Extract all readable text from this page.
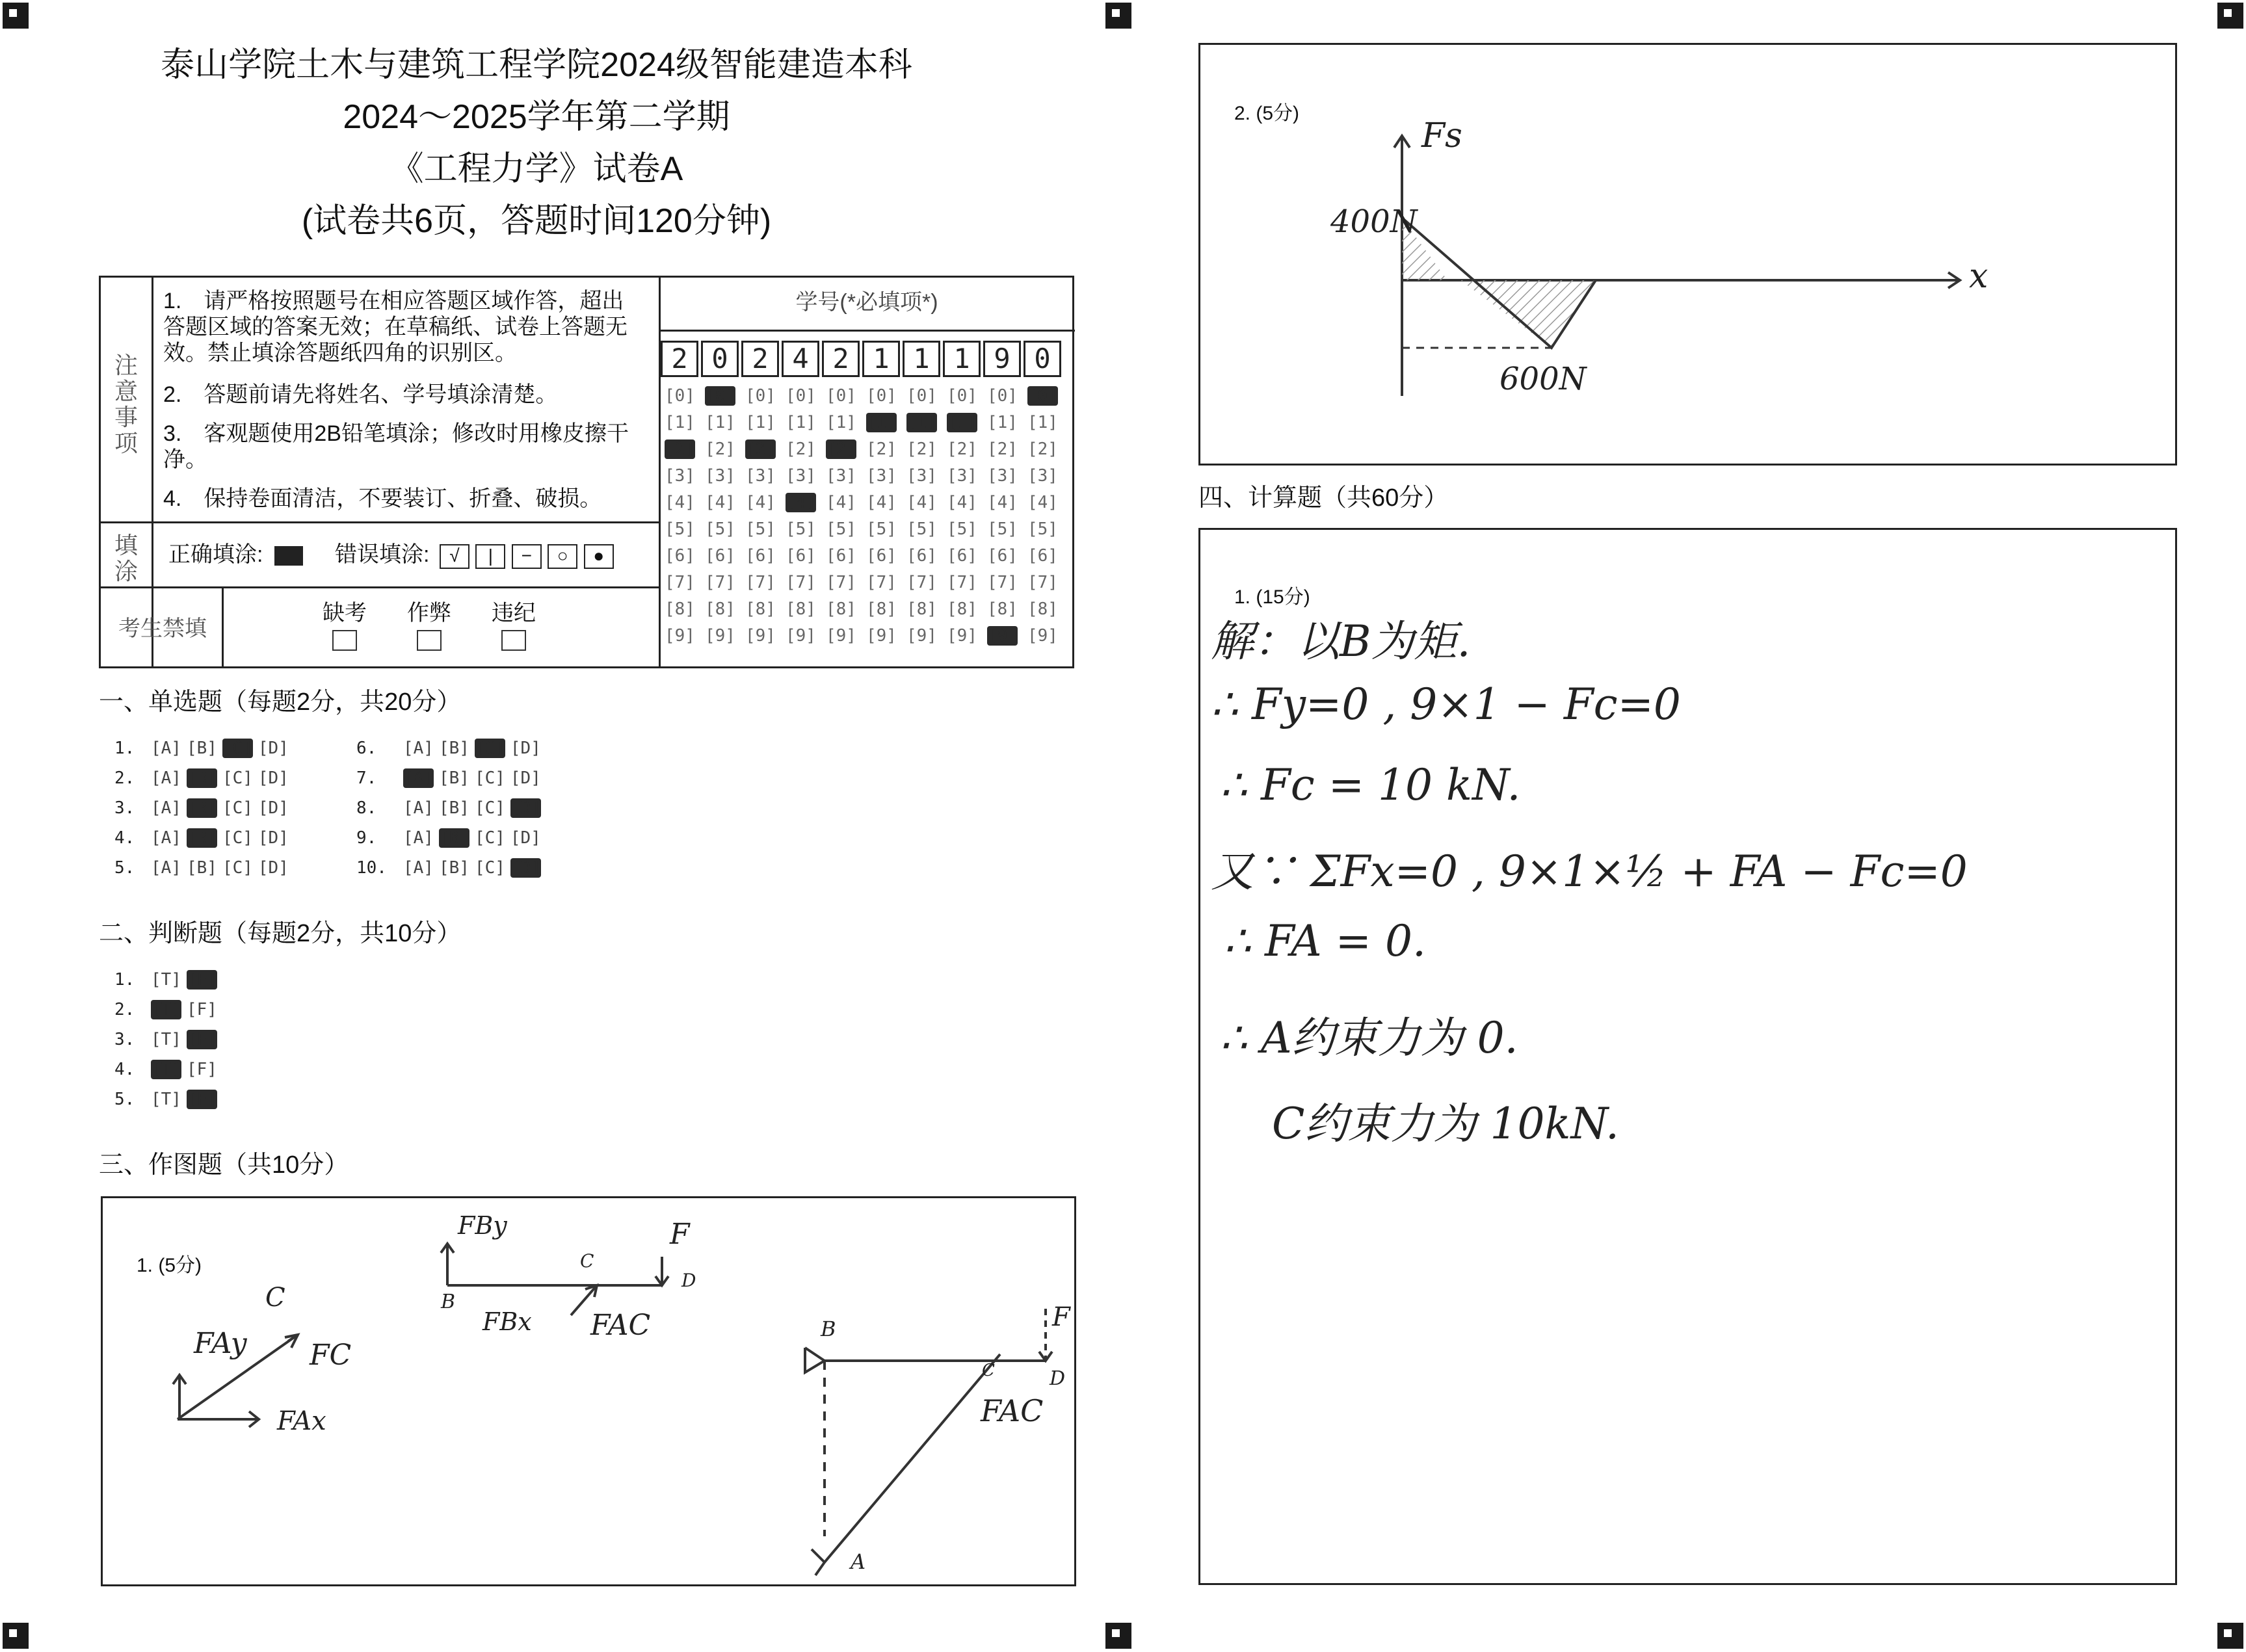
泰山学院土木与建筑工程学院2024级智能建造本科
2024～2025学年第二学期
《工程力学》试卷A
(试卷共6页，答题时间120分钟)
注意事项
1.　请严格按照题号在相应答题区域作答，超出答题区域的答案无效；在草稿纸、试卷上答题无效。禁止填涂答题纸四角的识别区。
2.　答题前请先将姓名、学号填涂清楚。
3.　客观题使用2B铅笔填涂；修改时用橡皮擦干净。
4.　保持卷面清洁，不要装订、折叠、破损。
填涂
正确填涂:	错误填涂: √ | − ○ ●
考生禁填
缺考	作弊	违纪
学号(*必填项*)
2 0 2 4 2 1 1 1 9 0
[0] [0] [0] [0] [0] [0] [0] [0] [0] [0]
[1] [1] [1] [1] [1] [1] [1] [1] [1] [1]
[2] [2] [2] [2] [2] [2] [2] [2] [2] [2]
[3] [3] [3] [3] [3] [3] [3] [3] [3] [3]
[4] [4] [4] [4] [4] [4] [4] [4] [4] [4]
[5] [5] [5] [5] [5] [5] [5] [5] [5] [5]
[6] [6] [6] [6] [6] [6] [6] [6] [6] [6]
[7] [7] [7] [7] [7] [7] [7] [7] [7] [7]
[8] [8] [8] [8] [8] [8] [8] [8] [8] [8]
[9] [9] [9] [9] [9] [9] [9] [9] [9] [9]
一、单选题（每题2分，共20分）
1. [A] [B] [C] [D]
2. [A] [B] [C] [D]
3. [A] [B] [C] [D]
4. [A] [B] [C] [D]
5. [A] [B] [C] [D]
6. [A] [B] [C] [D]
7. [A] [B] [C] [D]
8. [A] [B] [C] [D]
9. [A] [B] [C] [D]
10. [A] [B] [C] [D]
二、判断题（每题2分，共10分）
1. [T] [F]
2. [T] [F]
3. [T] [F]
4. [T] [F]
5. [T] [F]
三、作图题（共10分）
1. (5分)
C
FAy FC
FAx
FBy
C
F
B
FBx FAC
D
B	F
C	D
FAC
A
2. (5分)
Fs
400N
600N
x
四、计算题（共60分）
1. (15分)
解：以B为矩.
∴ Fy=0 , 9×1 − Fc=0
∴ Fc = 10 kN.
又∵ ΣFx=0 , 9×1×½ + FA − Fc=0
∴ FA = 0.
∴ A约束力为 0.
C约束力为 10kN.
